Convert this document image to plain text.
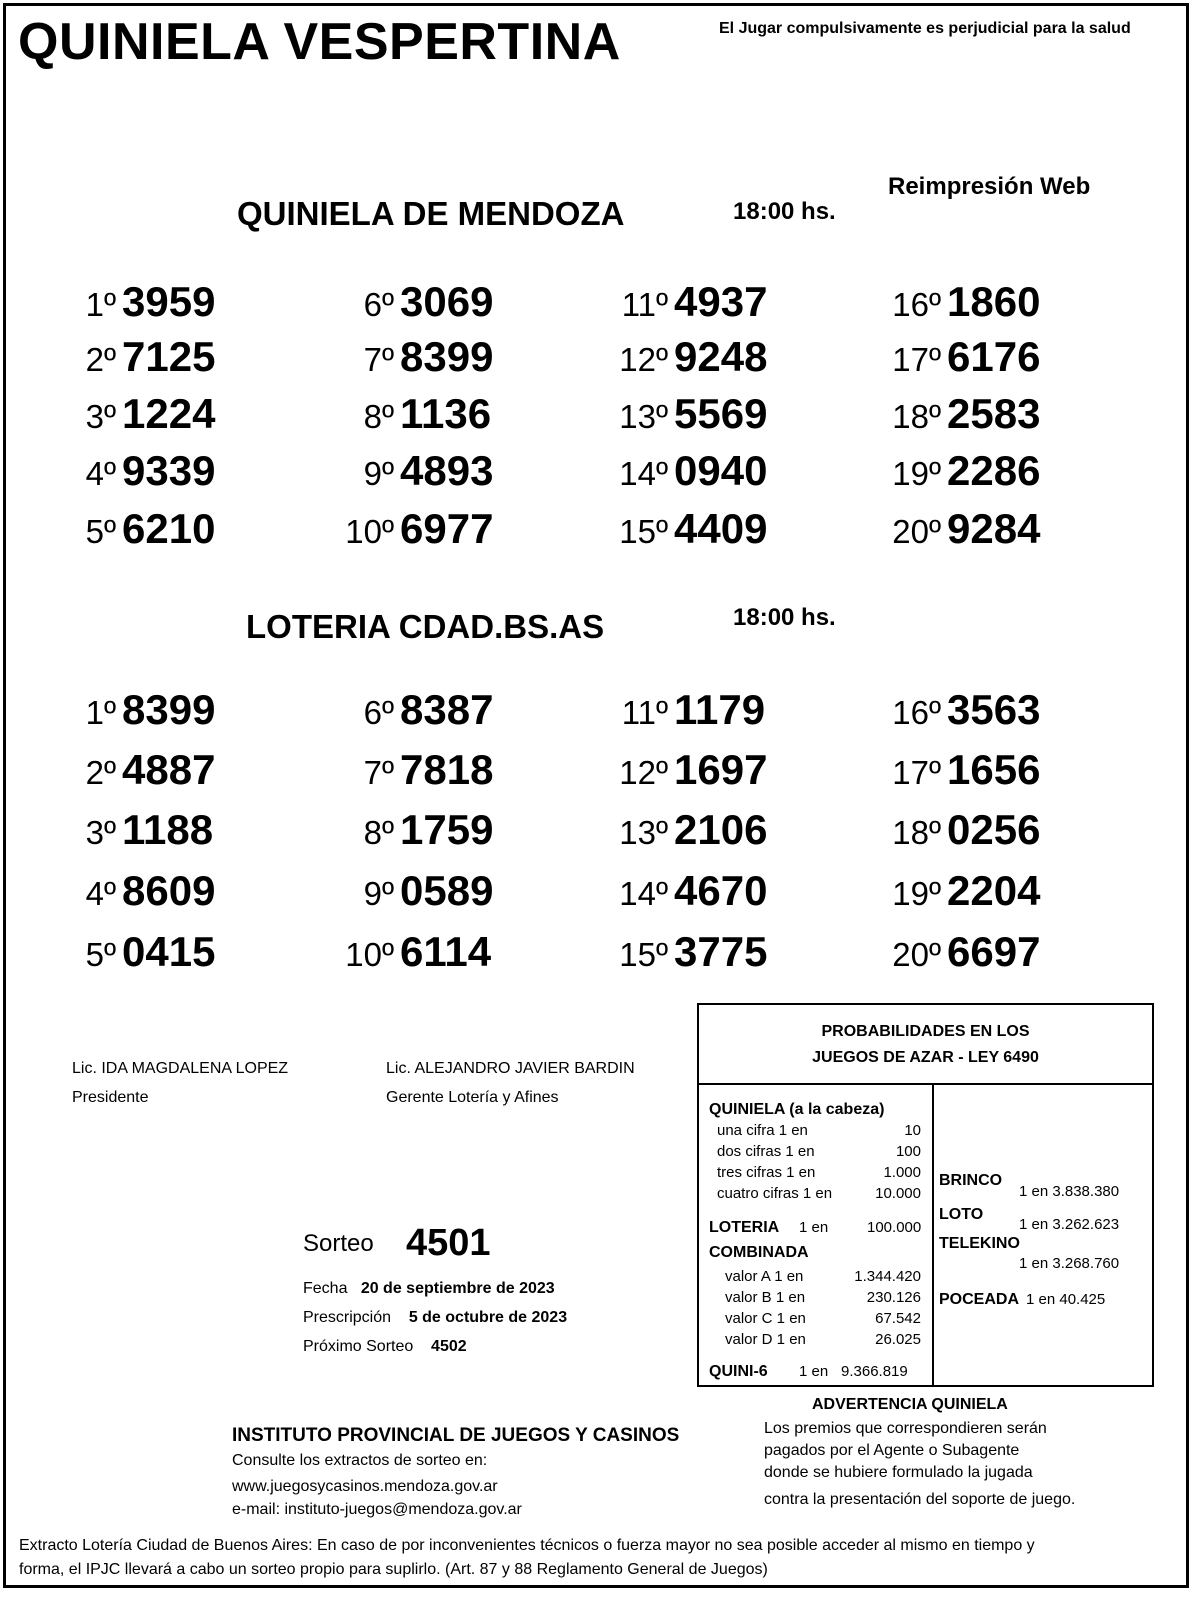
QUINIELA VESPERTINA	El Jugar compulsivamente es perjudicial para la salud
Reimpresión Web
QUINIELA DE MENDOZA	18:00 hs.
1º 3959
2º 7125
3º 1224
4º 9339
5º 6210
6º 3069
7º 8399
8º 1136
9º 4893
10º 6977
11º 4937
12º 9248
13º 5569
14º 0940
15º 4409
16º 1860
17º 6176
18º 2583
19º 2286
20º 9284
LOTERIA CDAD.BS.AS	18:00 hs.
1º 8399
2º 4887
3º 1188
4º 8609
5º 0415
6º 8387
7º 7818
8º 1759
9º 0589
10º 6114
11º 1179
12º 1697
13º 2106
14º 4670
15º 3775
16º 3563
17º 1656
18º 0256
19º 2204
20º 6697
Lic. IDA MAGDALENA LOPEZ
Presidente
Lic. ALEJANDRO JAVIER BARDIN
Gerente Lotería y Afines
Sorteo 4501
Fecha 20 de septiembre de 2023
Prescripción 5 de octubre de 2023
Próximo Sorteo 4502
PROBABILIDADES EN LOS
JUEGOS DE AZAR - LEY 6490
QUINIELA (a la cabeza)
una cifra 1 en	10
dos cifras 1 en	100
tres cifras 1 en	1.000
cuatro cifras 1 en	10.000
LOTERIA 1 en	100.000
COMBINADA
valor A 1 en	1.344.420
valor B 1 en	230.126
valor C 1 en	67.542
valor D 1 en	26.025
QUINI-6 1 en 9.366.819
BRINCO
1 en 3.838.380
LOTO
1 en 3.262.623
TELEKINO
1 en 3.268.760
POCEADA 1 en 40.425
ADVERTENCIA QUINIELA
Los premios que correspondieren serán
pagados por el Agente o Subagente
donde se hubiere formulado la jugada
contra la presentación del soporte de juego.
INSTITUTO PROVINCIAL DE JUEGOS Y CASINOS
Consulte los extractos de sorteo en:
www.juegosycasinos.mendoza.gov.ar
e-mail: instituto-juegos@mendoza.gov.ar
Extracto Lotería Ciudad de Buenos Aires: En caso de por inconvenientes técnicos o fuerza mayor no sea posible acceder al mismo en tiempo y
forma, el IPJC llevará a cabo un sorteo propio para suplirlo. (Art. 87 y 88 Reglamento General de Juegos)
